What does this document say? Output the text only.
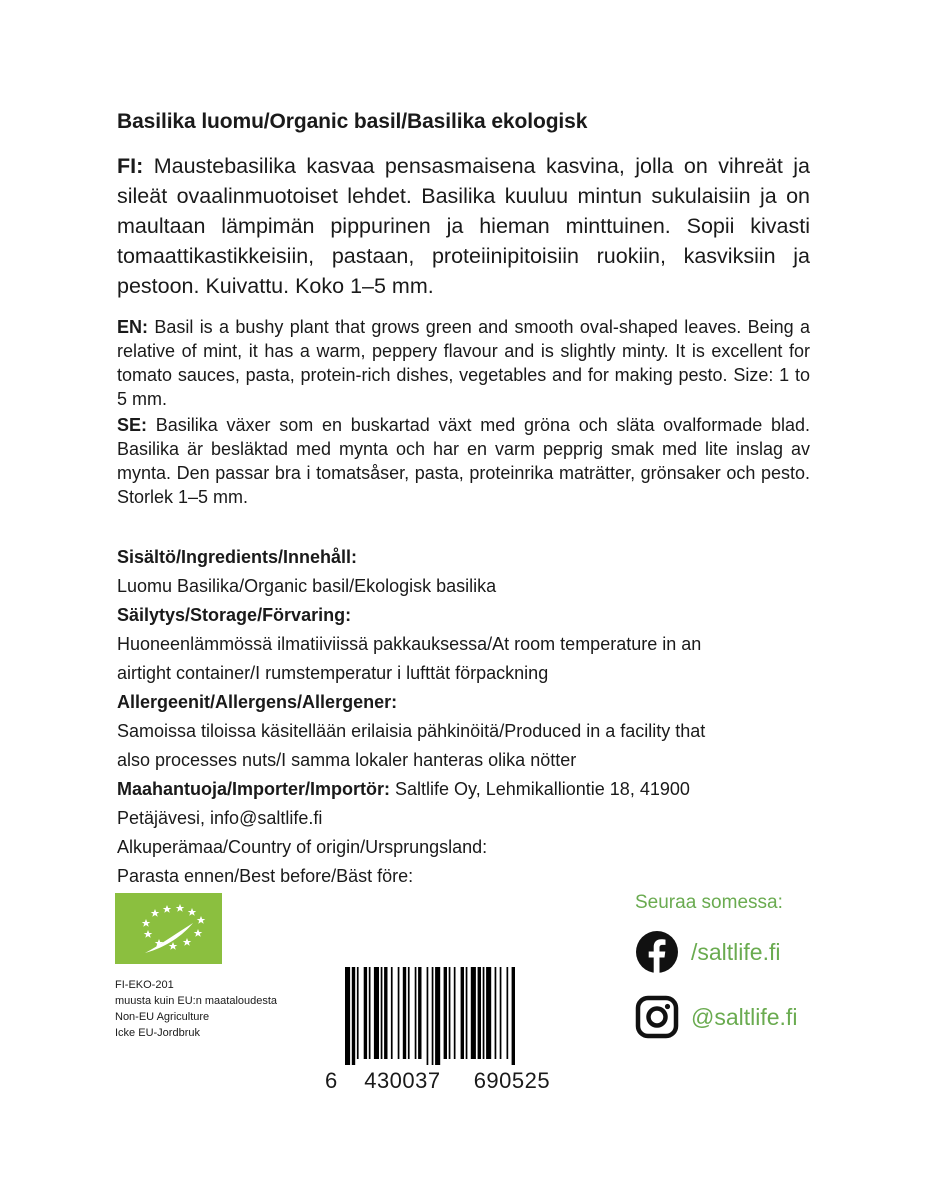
Basilika luomu/Organic basil/Basilika ekologisk
FI: Maustebasilika kasvaa pensasmaisena kasvina, jolla on vihreät ja sileät ovaalinmuotoiset lehdet. Basilika kuuluu mintun sukulaisiin ja on maultaan lämpimän pippurinen ja hieman minttuinen. Sopii kivasti tomaattikastikkeisiin, pastaan, proteiinipitoisiin ruokiin, kasviksiin ja pestoon. Kuivattu. Koko 1–5 mm.
EN: Basil is a bushy plant that grows green and smooth oval-shaped leaves. Being a relative of mint, it has a warm, peppery flavour and is slightly minty. It is excellent for tomato sauces, pasta, protein-rich dishes, vegetables and for making pesto. Size: 1 to 5 mm.
SE: Basilika växer som en buskartad växt med gröna och släta ovalformade blad. Basilika är besläktad med mynta och har en varm pepprig smak med lite inslag av mynta. Den passar bra i tomatsåser, pasta, proteinrika maträtter, grönsaker och pesto. Storlek 1–5 mm.
Sisältö/Ingredients/Innehåll:
Luomu Basilika/Organic basil/Ekologisk basilika
Säilytys/Storage/Förvaring:
Huoneenlämmössä ilmatiiviissä pakkauksessa/At room temperature in an
airtight container/I rumstemperatur i lufttät förpackning
Allergeenit/Allergens/Allergener:
Samoissa tiloissa käsitellään erilaisia pähkinöitä/Produced in a facility that
also processes nuts/I samma lokaler hanteras olika nötter
Maahantuoja/Importer/Importör: Saltlife Oy, Lehmikalliontie 18, 41900
Petäjävesi, info@saltlife.fi
Alkuperämaa/Country of origin/Ursprungsland:
Parasta ennen/Best before/Bäst före:
FI-EKO-201
muusta kuin EU:n maataloudesta
Non-EU Agriculture
Icke EU-Jordbruk
6 430037 690525
Seuraa somessa:
/saltlife.fi
@saltlife.fi
